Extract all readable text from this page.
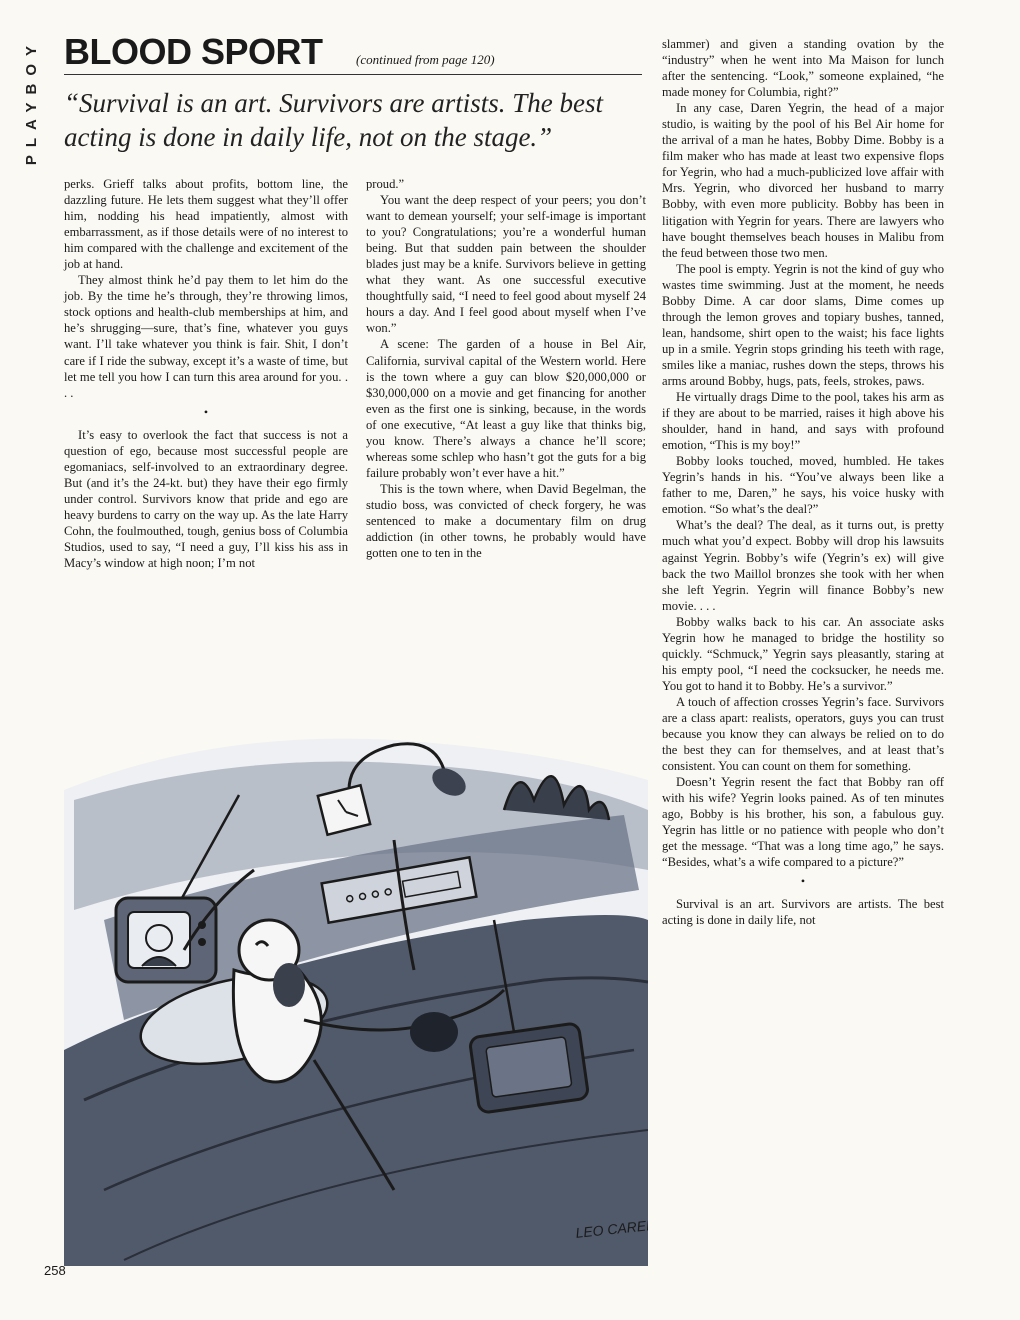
PLAYBOY BLOOD SPORT	(continued from page 120)
“Survival is an art. Survivors are artists. The best acting is done in daily life, not on the stage.”

perks. Grieff talks about profits, bottom line, the dazzling future. He lets them suggest what they’ll offer him, nodding his head impatiently, almost with embarrassment, as if those details were of no interest to him compared with the challenge and excitement of the job at hand.

They almost think he’d pay them to let him do the job. By the time he’s through, they’re throwing limos, stock options and health-club memberships at him, and he’s shrugging—sure, that’s fine, whatever you guys want. I’ll take whatever you think is fair. Shit, I don’t care if I ride the subway, except it’s a waste of time, but let me tell you how I can turn this area around for you. . . .

•

It’s easy to overlook the fact that success is not a question of ego, because most successful people are egomaniacs, self-involved to an extraordinary degree. But (and it’s the 24-kt. but) they have their ego firmly under control. Survivors know that pride and ego are heavy burdens to carry on the way up. As the late Harry Cohn, the foulmouthed, tough, genius boss of Columbia Studios, used to say, “I need a guy, I’ll kiss his ass in Macy’s window at high noon; I’m not

proud.”

You want the deep respect of your peers; you don’t want to demean yourself; your self-image is important to you? Congratulations; you’re a wonderful human being. But that sudden pain between the shoulder blades just may be a knife. Survivors believe in getting what they want. As one successful executive thoughtfully said, “I need to feel good about myself 24 hours a day. And I feel good about myself when I’ve won.”

A scene: The garden of a house in Bel Air, California, survival capital of the Western world. Here is the town where a guy can blow $20,000,000 or $30,000,000 on a movie and get financing for another even as the first one is sinking, because, in the words of one executive, “At least a guy like that thinks big, you know. There’s always a chance he’ll score; whereas some schlep who hasn’t got the guts for a big failure probably won’t ever have a hit.”

This is the town where, when David Begelman, the studio boss, was convicted of check forgery, he was sentenced to make a documentary film on drug addiction (in other towns, he probably would have gotten one to ten in the

slammer) and given a standing ovation by the “industry” when he went into Ma Maison for lunch after the sentencing. “Look,” someone explained, “he made money for Columbia, right?”

In any case, Daren Yegrin, the head of a major studio, is waiting by the pool of his Bel Air home for the arrival of a man he hates, Bobby Dime. Bobby is a film maker who has made at least two expensive flops for Yegrin, who had a much-publicized love affair with Mrs. Yegrin, who divorced her husband to marry Bobby, with even more publicity. Bobby has been in litigation with Yegrin for years. There are lawyers who have bought themselves beach houses in Malibu from the feud between those two men.

The pool is empty. Yegrin is not the kind of guy who wastes time swimming. Just at the moment, he needs Bobby Dime. A car door slams, Dime comes up through the lemon groves and topiary bushes, tanned, lean, handsome, shirt open to the waist; his face lights up in a smile. Yegrin stops grinding his teeth with rage, smiles like a maniac, rushes down the steps, throws his arms around Bobby, hugs, pats, feels, strokes, paws.

He virtually drags Dime to the pool, takes his arm as if they are about to be married, raises it high above his shoulder, hand in hand, and says with profound emotion, “This is my boy!”

Bobby looks touched, moved, humbled. He takes Yegrin’s hands in his. “You’ve always been like a father to me, Daren,” he says, his voice husky with emotion. “So what’s the deal?”

What’s the deal? The deal, as it turns out, is pretty much what you’d expect. Bobby will drop his lawsuits against Yegrin. Bobby’s wife (Yegrin’s ex) will give back the two Maillol bronzes she took with her when she left Yegrin. Yegrin will finance Bobby’s new movie. . . .

Bobby walks back to his car. An associate asks Yegrin how he managed to bridge the hostility so quickly. “Schmuck,” Yegrin says pleasantly, staring at his empty pool, “I need the cocksucker, he needs me. You got to hand it to Bobby. He’s a survivor.”

A touch of affection crosses Yegrin’s face. Survivors are a class apart: realists, operators, guys you can trust because you know they can always be relied on to do the best they can for themselves, and at least that’s consistent. You can count on them for something.

Doesn’t Yegrin resent the fact that Bobby ran off with his wife? Yegrin looks pained. As of ten minutes ago, Bobby is his brother, his son, a fabulous guy. Yegrin has little or no patience with people who don’t get the message. “That was a long time ago,” he says. “Besides, what’s a wife compared to a picture?”

•

Survival is an art. Survivors are artists. The best acting is done in daily life, not

LEO CAREL
258
